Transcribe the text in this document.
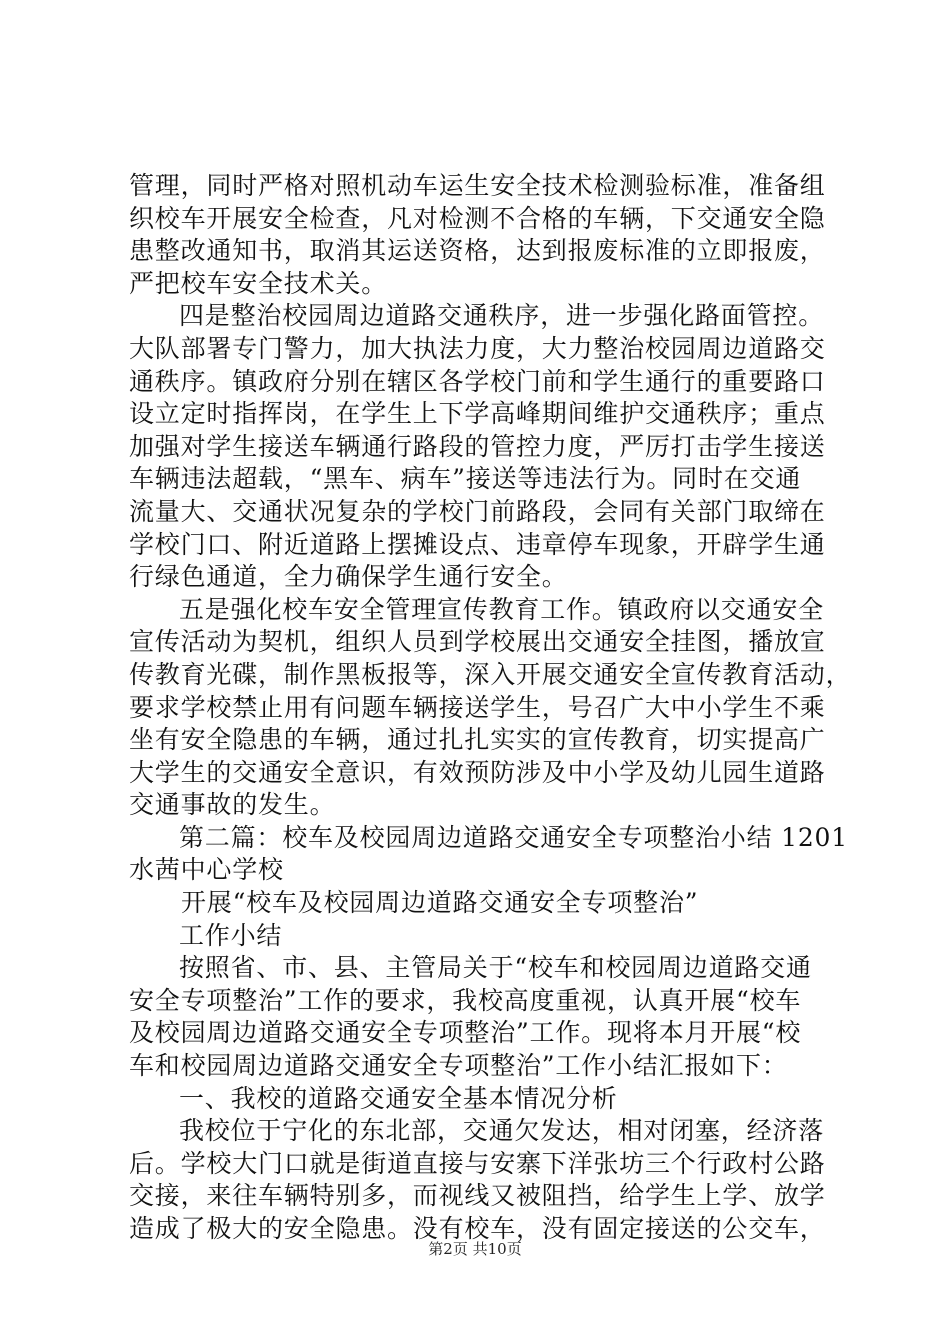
管理，同时严格对照机动车运生安全技术检测验标准，准备组
织校车开展安全检查，凡对检测不合格的车辆，下交通安全隐
患整改通知书，取消其运送资格，达到报废标准的立即报废，
严把校车安全技术关。
四是整治校园周边道路交通秩序，进一步强化路面管控。
大队部署专门警力，加大执法力度，大力整治校园周边道路交
通秩序。镇政府分别在辖区各学校门前和学生通行的重要路口
设立定时指挥岗，在学生上下学高峰期间维护交通秩序；重点
加强对学生接送车辆通行路段的管控力度，严厉打击学生接送
车辆违法超载，“黑车、病车”接送等违法行为。同时在交通
流量大、交通状况复杂的学校门前路段，会同有关部门取缔在
学校门口、附近道路上摆摊设点、违章停车现象，开辟学生通
行绿色通道，全力确保学生通行安全。
五是强化校车安全管理宣传教育工作。镇政府以交通安全
宣传活动为契机，组织人员到学校展出交通安全挂图，播放宣
传教育光碟，制作黑板报等，深入开展交通安全宣传教育活动，
要求学校禁止用有问题车辆接送学生，号召广大中小学生不乘
坐有安全隐患的车辆，通过扎扎实实的宣传教育，切实提高广
大学生的交通安全意识，有效预防涉及中小学及幼儿园生道路
交通事故的发生。
第二篇：校车及校园周边道路交通安全专项整治小结 1201
水茜中心学校
开展“校车及校园周边道路交通安全专项整治”
工作小结
按照省、市、县、主管局关于“校车和校园周边道路交通
安全专项整治”工作的要求，我校高度重视，认真开展“校车
及校园周边道路交通安全专项整治”工作。现将本月开展“校
车和校园周边道路交通安全专项整治”工作小结汇报如下：
一、我校的道路交通安全基本情况分析
我校位于宁化的东北部，交通欠发达，相对闭塞，经济落
后。学校大门口就是街道直接与安寨下洋张坊三个行政村公路
交接，来往车辆特别多，而视线又被阻挡，给学生上学、放学
造成了极大的安全隐患。没有校车，没有固定接送的公交车，
第2页 共10页
